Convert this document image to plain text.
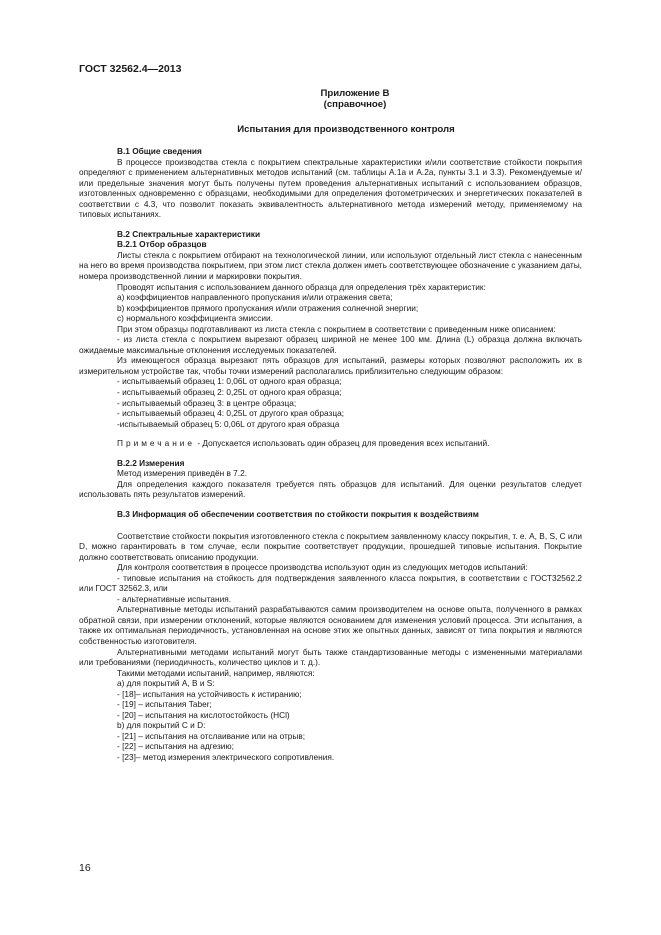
ГОСТ 32562.4—2013
Приложение В
(справочное)
Испытания для производственного контроля

В.1 Общие сведения

В процессе производства стекла с покрытием спектральные характеристики и/или соответствие стойкости покрытия определяют с применением альтернативных методов испытаний (см. таблицы А.1а и А.2а, пункты 3.1 и 3.3). Рекомендуемые и/или предельные значения могут быть получены путем проведения альтернативных испытаний с использованием образцов, изготовленных одновременно с образцами, необходимыми для определения фотометрических и энергетических показателей в соответствии с 4.3, что позволит показать эквивалентность альтернативного метода измерений методу, применяемому на типовых испытаниях.

В.2 Спектральные характеристики

В.2.1 Отбор образцов

Листы стекла с покрытием отбирают на технологической линии, или используют отдельный лист стекла с нанесенным на него во время производства покрытием, при этом лист стекла должен иметь соответствующее обозначение с указанием даты, номера производственной линии и маркировки покрытия.

Проводят испытания с использованием данного образца для определения трёх характеристик:

a) коэффициентов направленного пропускания и/или отражения света;

b) коэффициентов прямого пропускания и/или отражения солнечной энергии;

c) нормального коэффициента эмиссии.

При этом образцы подготавливают из листа стекла с покрытием в соответствии с приведенным ниже описанием:

- из листа стекла с покрытием вырезают образец шириной не менее 100 мм. Длина (L) образца должна включать ожидаемые максимальные отклонения исследуемых показателей.

Из имеющегося образца вырезают пять образцов для испытаний, размеры которых позволяют расположить их в измерительном устройстве так, чтобы точки измерений располагались приблизительно следующим образом:

- испытываемый образец 1: 0,06L от одного края образца;

- испытываемый образец 2: 0,25L от одного края образца;

- испытываемый образец 3: в центре образца;

- испытываемый образец 4: 0,25L от другого края образца;

-испытываемый образец 5: 0,06L от другого края образца

Примечание - Допускается использовать один образец для проведения всех испытаний.

В.2.2 Измерения

Метод измерения приведён в 7.2.

Для определения каждого показателя требуется пять образцов для испытаний. Для оценки результатов следует использовать пять результатов измерений.

В.3 Информация об обеспечении соответствия по стойкости покрытия к воздействиям

Соответствие стойкости покрытия изготовленного стекла с покрытием заявленному классу покрытия, т. е. А, В, S, С или D, можно гарантировать в том случае, если покрытие соответствует продукции, прошедшей типовые испытания. Покрытие должно соответствовать описанию продукции.

Для контроля соответствия в процессе производства используют один из следующих методов испытаний:

- типовые испытания на стойкость для подтверждения заявленного класса покрытия, в соответствии с ГОСТ32562.2 или ГОСТ 32562.3, или

- альтернативные испытания.

Альтернативные методы испытаний разрабатываются самим производителем на основе опыта, полученного в рамках обратной связи, при измерении отклонений, которые являются основанием для изменения условий процесса. Эти испытания, а также их оптимальная периодичность, установленная на основе этих же опытных данных, зависят от типа покрытия и являются собственностью изготовителя.

Альтернативными методами испытаний могут быть также стандартизованные методы с измененными материалами или требованиями (периодичность, количество циклов и т. д.).

Такими методами испытаний, например, являются:

а) для покрытий А, В и S:

- [18]– испытания на устойчивость к истиранию;

- [19] – испытания Taber;

- [20] – испытания на кислотостойкость (HCl)

b) для покрытий С и D:

- [21] – испытания на отслаивание или на отрыв;

- [22] – испытания на адгезию;

- [23]– метод измерения электрического сопротивления.

16
